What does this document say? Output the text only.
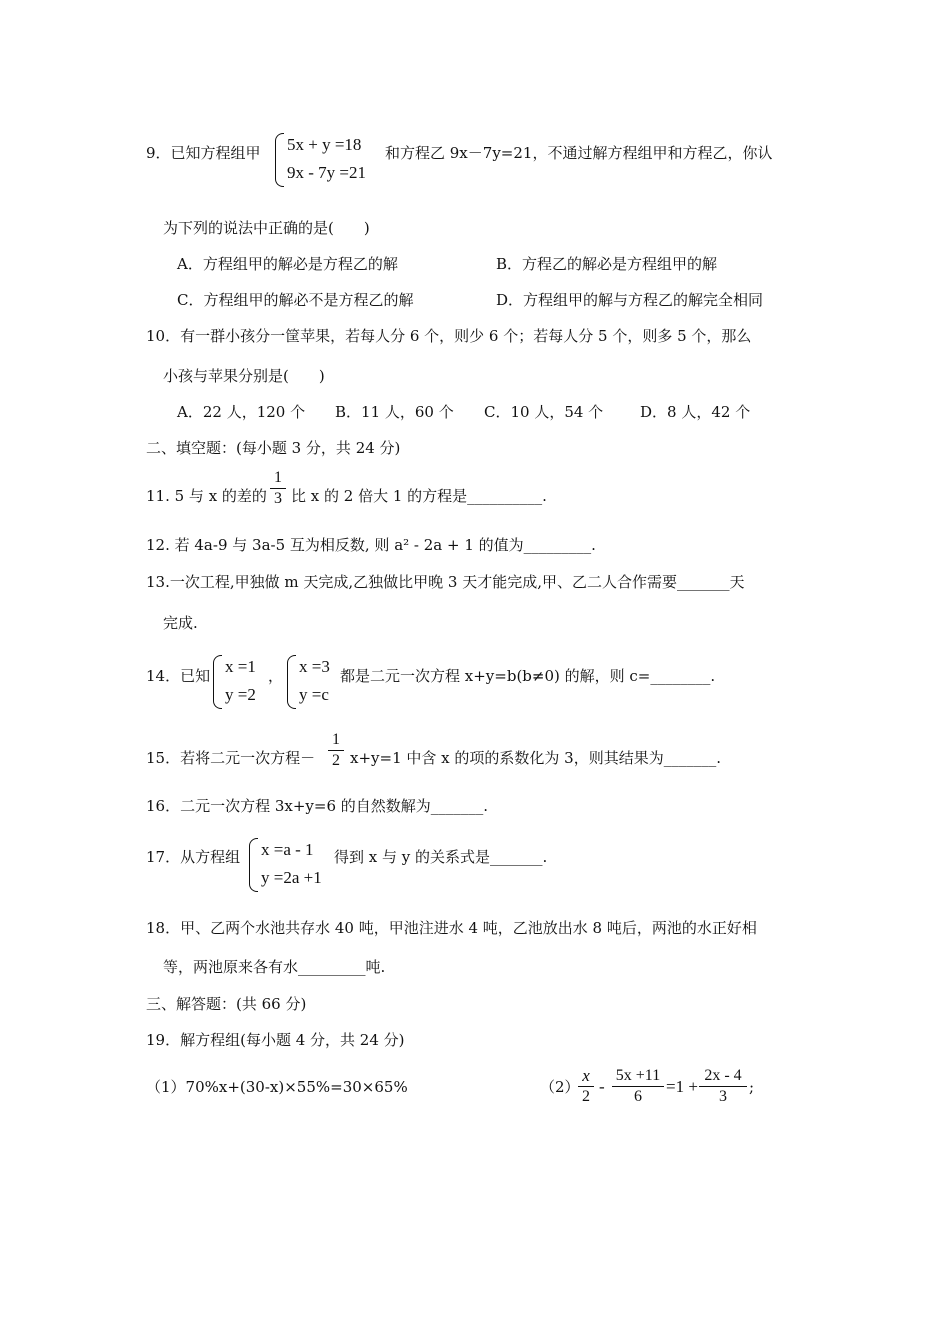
9．已知方程组甲 5x + y =18
9x - 7y =21
和方程乙 9x－7y=21，不通过解方程组甲和方程乙，你认
为下列的说法中正确的是(　　)
A．方程组甲的解必是方程乙的解	B．方程乙的解必是方程组甲的解
C．方程组甲的解必不是方程乙的解	D．方程组甲的解与方程乙的解完全相同
10．有一群小孩分一筐苹果，若每人分 6 个，则少 6 个；若每人分 5 个，则多 5 个，那么
小孩与苹果分别是(　　)
A．22 人，120 个 B．11 人，60 个 C．10 人，54 个 D．8 人，42 个
二、填空题：(每小题 3 分，共 24 分)
11. 5 与 x 的差的
1
3 比 x 的 2 倍大 1 的方程是__________.
12. 若 4a-9 与 3a-5 互为相反数, 则 a² - 2a + 1 的值为_________.
13.一次工程,甲独做 m 天完成,乙独做比甲晚 3 天才能完成,甲、乙二人合作需要_______天
完成.
14．已知 x =1
y =2
， x =3
y =c
都是二元一次方程 x+y=b(b≠0) 的解，则 c=________.
15．若将二元一次方程－
1
2 x+y=1 中含 x 的项的系数化为 3，则其结果为_______.
16．二元一次方程 3x+y=6 的自然数解为_______.
17．从方程组 x =a - 1
y =2a +1
得到 x 与 y 的关系式是_______.
18．甲、乙两个水池共存水 40 吨，甲池注进水 4 吨，乙池放出水 8 吨后，两池的水正好相
等，两池原来各有水_________吨.
三、解答题：(共 66 分)
19．解方程组(每小题 4 分，共 24 分)
（1）70%x+(30-x)×55%=30×65%	（2）
x
2
-
5x +11
6
=1 +
2x - 4
3
;
